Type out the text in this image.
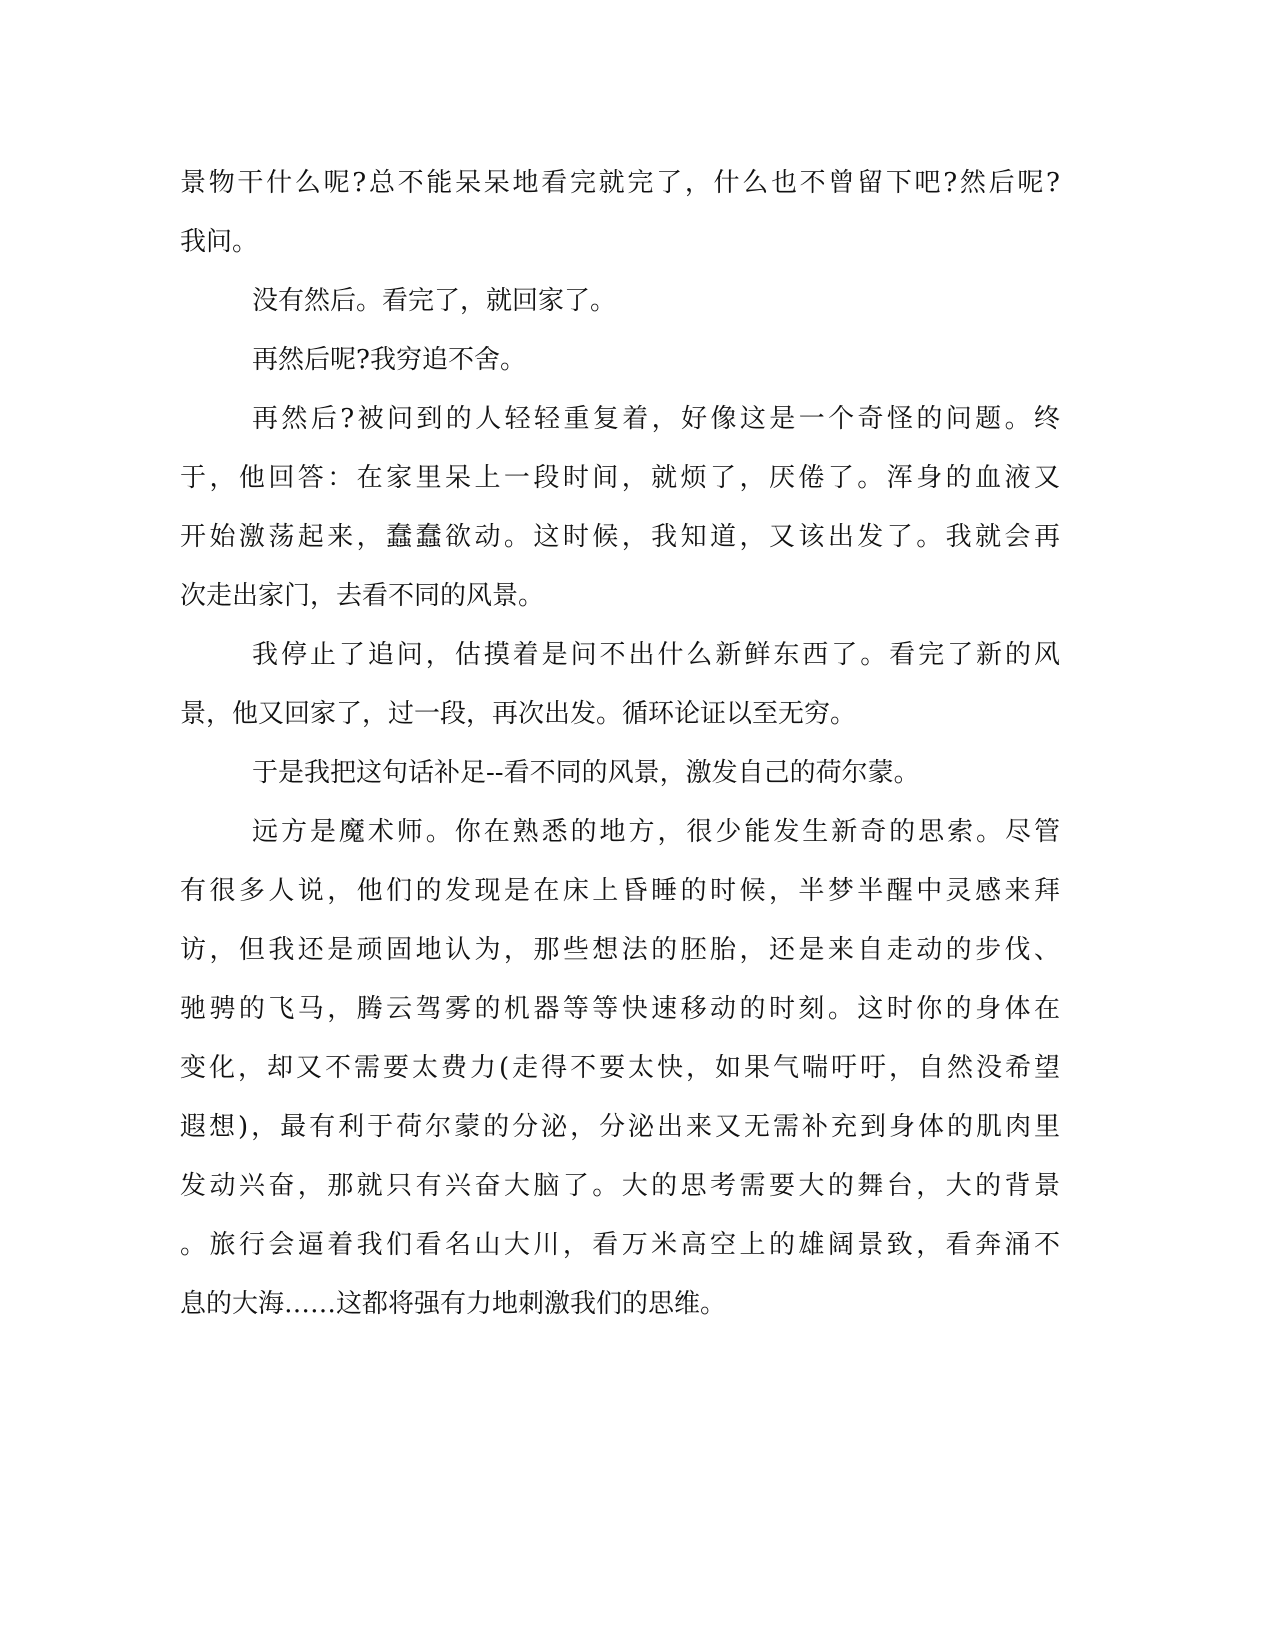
景物干什么呢?总不能呆呆地看完就完了，什么也不曾留下吧?然后呢?
我问。
没有然后。看完了，就回家了。
再然后呢?我穷追不舍。
再然后?被问到的人轻轻重复着，好像这是一个奇怪的问题。终
于，他回答：在家里呆上一段时间，就烦了，厌倦了。浑身的血液又
开始激荡起来，蠢蠢欲动。这时候，我知道，又该出发了。我就会再
次走出家门，去看不同的风景。
我停止了追问，估摸着是问不出什么新鲜东西了。看完了新的风
景，他又回家了，过一段，再次出发。循环论证以至无穷。
于是我把这句话补足--看不同的风景，激发自己的荷尔蒙。
远方是魔术师。你在熟悉的地方，很少能发生新奇的思索。尽管
有很多人说，他们的发现是在床上昏睡的时候，半梦半醒中灵感来拜
访，但我还是顽固地认为，那些想法的胚胎，还是来自走动的步伐、
驰骋的飞马，腾云驾雾的机器等等快速移动的时刻。这时你的身体在
变化，却又不需要太费力(走得不要太快，如果气喘吁吁，自然没希望
遐想)，最有利于荷尔蒙的分泌，分泌出来又无需补充到身体的肌肉里
发动兴奋，那就只有兴奋大脑了。大的思考需要大的舞台，大的背景
。旅行会逼着我们看名山大川，看万米高空上的雄阔景致，看奔涌不
息的大海……这都将强有力地刺激我们的思维。
